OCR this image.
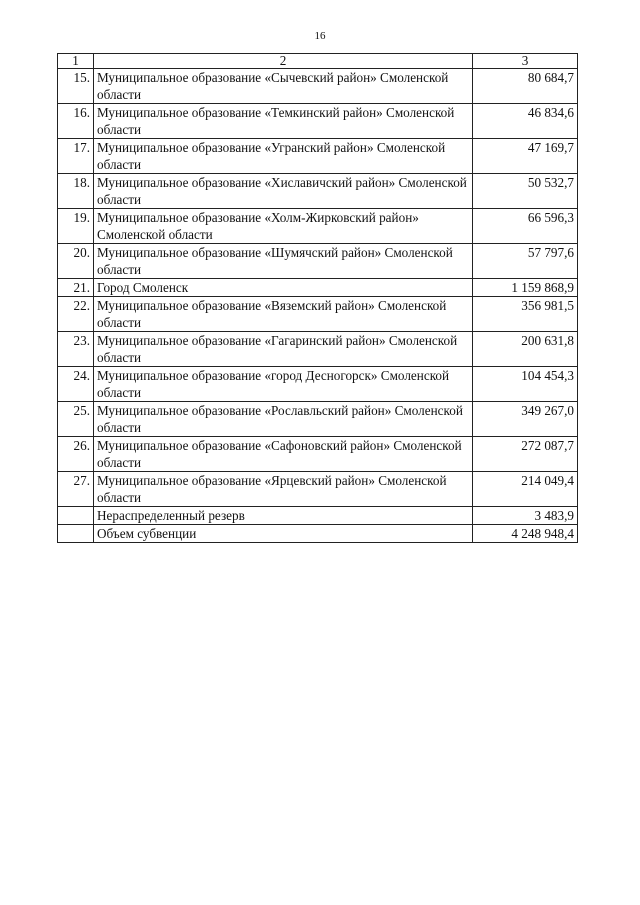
16
1	2	3
15.	Муниципальное образование «Сычевский район» Смоленской области	80 684,7
16.	Муниципальное образование «Темкинский район» Смоленской области	46 834,6
17.	Муниципальное образование «Угранский район» Смоленской области	47 169,7
18.	Муниципальное образование «Хиславичский район» Смоленской области	50 532,7
19.	Муниципальное образование «Холм-Жирковский район» Смоленской области	66 596,3
20.	Муниципальное образование «Шумячский район» Смоленской области	57 797,6
21.	Город Смоленск	1 159 868,9
22.	Муниципальное образование «Вяземский район» Смоленской области	356 981,5
23.	Муниципальное образование «Гагаринский район» Смоленской области	200 631,8
24.	Муниципальное образование «город Десногорск» Смоленской области	104 454,3
25.	Муниципальное образование «Рославльский район» Смоленской области	349 267,0
26.	Муниципальное образование «Сафоновский район» Смоленской области	272 087,7
27.	Муниципальное образование «Ярцевский район» Смоленской области	214 049,4
	Нераспределенный резерв	3 483,9
	Объем субвенции	4 248 948,4
